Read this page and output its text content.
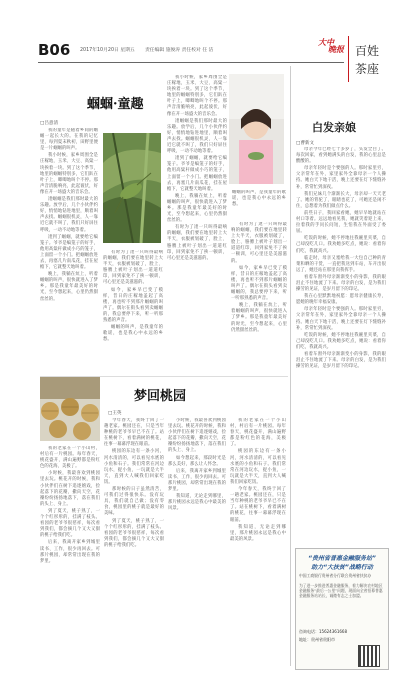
B06 2017年10月20日 星期五 责任编辑 施俊涛 责任校对 任 洁
大中
晚报 百姓
茶座
蝈蝈·童趣
□吕意清

我的童年是随着乡间的蝈蝈一起长大的。在我的记忆里，每到夏末秋初，田野里便是一片蝈蝈的叫声。

我小时候，家乡周围全是庄稼地，玉米、大豆、高粱一块挨着一块。到了这个季节，地里的蝈蝈特别多，它们趴在叶子上，唧唧地叫个不停。那声音清脆响亮，此起彼伏，好像在开一场盛大的音乐会。

逮蝈蝈是我们那时最大的乐趣。放学后，几个小伙伴约好，悄悄地钻进地里，顺着叫声去找。蝈蝈很机灵，人一靠近它就不叫了，我们只好屏住呼吸，一动不动地等着。

逮到了蝈蝈，就要给它编笼子。爷爷是编笼子的好手，他用高粱秆做成小巧的笼子，上面留一个小门。把蝈蝈放进去，再塞几片南瓜花，挂在屋檐下，它就整天地叫着。

晚上，我躺在炕上，听着蝈蝈的叫声，很快就进入了梦乡。那是我童年最美好的时光，至今想起来，心里仍然甜丝丝的。

有时为了逮一只叫得最响的蝈蝈，我们要在地里转上大半天，衣服被划破了，脸上、胳膊上被叶子划出一道道红印，回到家免不了挨一顿训，可心里还是美滋滋的。

如今，家乡早已变了模样，昔日的庄稼地盖起了高楼，再也听不到那片蝈蝈的叫声了。偶尔在街头看到卖蝈蝈的，我总要停下来，听一听那熟悉的声音。

蝈蝈的叫声，是我童年的歌谣，也是我心中永远的乡愁。

我小时候，家乡周围全是庄稼地，玉米、大豆、高粱一块挨着一块。到了这个季节，地里的蝈蝈特别多，它们趴在叶子上，唧唧地叫个不停。那声音清脆响亮，此起彼伏，好像在开一场盛大的音乐会。

逮蝈蝈是我们那时最大的乐趣。放学后，几个小伙伴约好，悄悄地钻进地里，顺着叫声去找。蝈蝈很机灵，人一靠近它就不叫了，我们只好屏住呼吸，一动不动地等着。

逮到了蝈蝈，就要给它编笼子。爷爷是编笼子的好手，他用高粱秆做成小巧的笼子，上面留一个小门。把蝈蝈放进去，再塞几片南瓜花，挂在屋檐下，它就整天地叫着。

晚上，我躺在炕上，听着蝈蝈的叫声，很快就进入了梦乡。那是我童年最美好的时光，至今想起来，心里仍然甜丝丝的。

有时为了逮一只叫得最响的蝈蝈，我们要在地里转上大半天，衣服被划破了，脸上、胳膊上被叶子划出一道道红印，回到家免不了挨一顿训，可心里还是美滋滋的。

蝈蝈的叫声，是我童年的歌谣，也是我心中永远的乡愁。

有时为了逮一只叫得最响的蝈蝈，我们要在地里转上大半天，衣服被划破了，脸上、胳膊上被叶子划出一道道红印，回到家免不了挨一顿训，可心里还是美滋滋的。

如今，家乡早已变了模样，昔日的庄稼地盖起了高楼，再也听不到那片蝈蝈的叫声了。偶尔在街头看到卖蝈蝈的，我总要停下来，听一听那熟悉的声音。

晚上，我躺在炕上，听着蝈蝈的叫声，很快就进入了梦乡。那是我童年最美好的时光，至今想起来，心里仍然甜丝丝的。

白发亲娘
□曹新文

母亲今年已经七十多岁了，头发全白了。每次回家，看到她满头的白发，我的心里总是酸酸的。

母亲年轻时是个要强的人。那时家里穷，父亲常年在外，家里家外全靠母亲一个人操持。她白天下地干活，晚上还要在灯下缝缝补补，常常忙到深夜。

我们兄妹几个渐渐长大，母亲却一天天老了。她的背驼了，眼睛也花了，可她还是闲不住，总想着为我们做点什么。

前些日子，我回家看她，她早早地就站在村口等着。远远地看见我，她就笑着迎上来，拉着我的手问长问短，生怕我在外面受了委屈。

吃饭的时候，她不停地往我碗里夹菜，自己却没吃几口。我劝她多吃点，她说：看着你们吃，我就高兴。

临走时，母亲又塞给我一大包自己种的青菜和晒的干货，一直把我送到车站，车开出很远了，她还站在那里向我挥手。

看着车窗外母亲渐渐变小的身影，我的眼泪止不住地流了下来。母亲的白发，是为我们操劳的见证，是岁月留下的印记。

我在心里默默地祝愿：愿母亲健康长寿，愿她的晚年幸福安康。

母亲年轻时是个要强的人。那时家里穷，父亲常年在外，家里家外全靠母亲一个人操持。她白天下地干活，晚上还要在灯下缝缝补补，常常忙到深夜。

吃饭的时候，她不停地往我碗里夹菜，自己却没吃几口。我劝她多吃点，她说：看着你们吃，我就高兴。

看着车窗外母亲渐渐变小的身影，我的眼泪止不住地流了下来。母亲的白发，是为我们操劳的见证，是岁月留下的印记。

梦回桃园
□王英

我的老家在一个小山村，村后有一片桃园。每年春天，桃花盛开，满山遍野都是粉红色的花海，美极了。

小时候，我最喜欢到桃园里去玩。桃花开的时候，我和小伙伴们在树下追逐嬉戏，捡起落下的花瓣，撒向天空，花瓣纷纷扬扬地落下，落在我们的头上、身上。

到了夏天，桃子熟了，一个个红彤彤的，挂满了枝头。看园的老爷爷很慈祥，每次看到我们，都会摘几个又大又甜的桃子给我们吃。

后来，我离开家乡到城里读书、工作，很少再回去。可那片桃园，却常常出现在我的梦里。

今年春天，我终于回了一趟老家。桃园还在，只是当年种桃的老爷爷早已不在了。站在桃树下，看着满树的桃花，往事一幕幕浮现在眼前。

桃园的东边有一条小河，河水清清的，可以看见水底的小鱼和石子。我们常常在河边玩水，捉小鱼，一玩就是大半天，直到大人喊我们回家吃饭。

那时候的日子虽然清苦，可我们过得很快乐。没有玩具，我们就自己做；没有零食，桃园里的桃子就是最好的美味。

到了夏天，桃子熟了，一个个红彤彤的，挂满了枝头。看园的老爷爷很慈祥，每次看到我们，都会摘几个又大又甜的桃子给我们吃。

小时候，我最喜欢到桃园里去玩。桃花开的时候，我和小伙伴们在树下追逐嬉戏，捡起落下的花瓣，撒向天空，花瓣纷纷扬扬地落下，落在我们的头上、身上。

如今想起来，那段时光是那么美好，那么让人怀念。

后来，我离开家乡到城里读书、工作，很少再回去。可那片桃园，却常常出现在我的梦里。

我知道，无论走到哪里，那片桃园永远是我心中最美的风景。

我的老家在一个小山村，村后有一片桃园。每年春天，桃花盛开，满山遍野都是粉红色的花海，美极了。

桃园的东边有一条小河，河水清清的，可以看见水底的小鱼和石子。我们常常在河边玩水，捉小鱼，一玩就是大半天，直到大人喊我们回家吃饭。

今年春天，我终于回了一趟老家。桃园还在，只是当年种桃的老爷爷早已不在了。站在桃树下，看着满树的桃花，往事一幕幕浮现在眼前。

我知道，无论走到哪里，那片桃园永远是我心中最美的风景。

“贵州省普惠金融服务站”
助力“大扶贫”战略行动
中国工商银行贵州省分行联合贵州省扶贫办
为了进一步推进普惠金融服务，着力解决农村地区金融服务“最后一公里”问题，现面向全省招募普惠金融服务站站长，诚邀有志之士加盟。
咨询电话：15624361668
地址：贵州省贵阳市
